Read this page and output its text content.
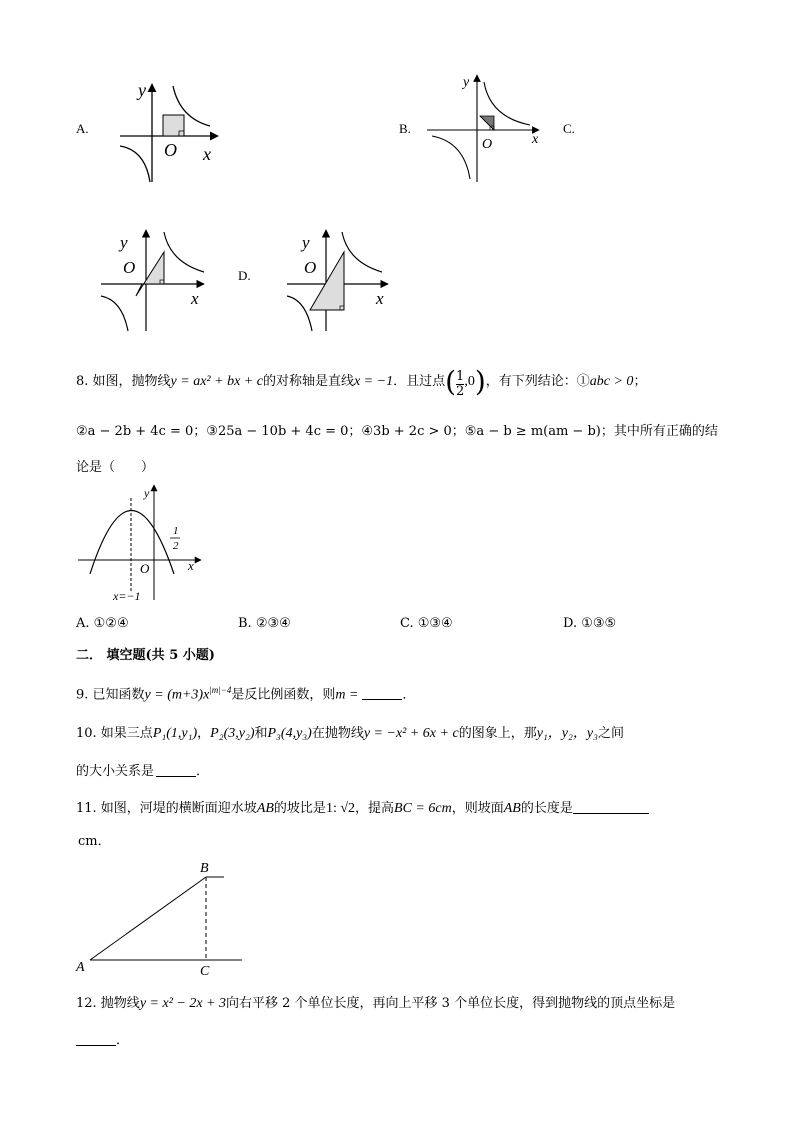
A.
y
O x
B.
y
O	x
C.
y
O
x
D.
y
O
x
8. 如图，抛物线y = ax² + bx + c的对称轴是直线x = −1．且过点( $\frac{1}{2} ,0$)，有下列结论：①abc > 0；
②a − 2b + 4c = 0；③25a − 10b + 4c = 0；④3b + 2c > 0；⑤a − b ≥ m(am − b)；其中所有正确的结
论是（　　）
y
x
O
1
2
x=−1
A. ①②④	B. ②③④	C. ①③④	D. ①③⑤
二． 填空题(共 5 小题)
9. 已知函数$y = (m+3)x^{|m|-4}$是反比例函数，则m =	．
10. 如果三点P₁(1,y₁)，P₂(3,y₂)和P₃(4,y₃)在抛物线y = −x² + 6x + c的图象上，那y₁，y₂，y₃之间
的大小关系是	．
11. 如图，河堤的横断面迎水坡AB的坡比是1: √2，提高BC = 6cm，则坡面AB的长度是
cm．
A
B
C
12. 抛物线y = x² − 2x + 3向右平移 2 个单位长度，再向上平移 3 个单位长度，得到抛物线的顶点坐标是
．
